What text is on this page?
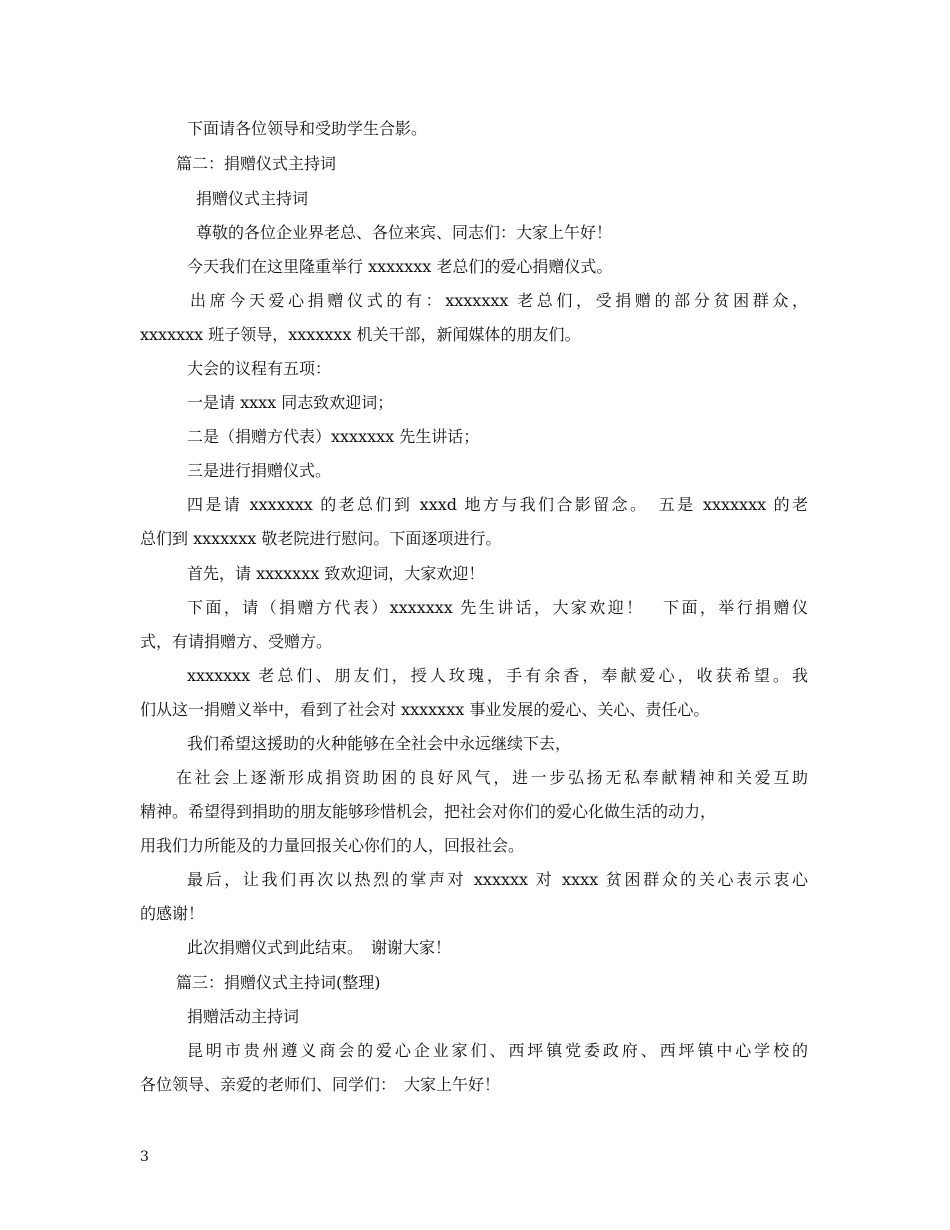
下面请各位领导和受助学生合影。
篇二：捐赠仪式主持词
捐赠仪式主持词
尊敬的各位企业界老总、各位来宾、同志们：大家上午好！
今天我们在这里隆重举行 xxxxxxx 老总们的爱心捐赠仪式。
出席今天爱心捐赠仪式的有：xxxxxxx 老总们，受捐赠的部分贫困群众，
xxxxxxx 班子领导，xxxxxxx 机关干部，新闻媒体的朋友们。
大会的议程有五项：
一是请 xxxx 同志致欢迎词；
二是（捐赠方代表）xxxxxxx 先生讲话；
三是进行捐赠仪式。
四是请 xxxxxxx 的老总们到 xxxd 地方与我们合影留念。　五是 xxxxxxx 的老
总们到 xxxxxxx 敬老院进行慰问。下面逐项进行。
首先，请 xxxxxxx 致欢迎词，大家欢迎！
下面，请（捐赠方代表）xxxxxxx 先生讲话，大家欢迎！　下面，举行捐赠仪
式，有请捐赠方、受赠方。
xxxxxxx 老总们、朋友们，授人玫瑰，手有余香，奉献爱心，收获希望。我
们从这一捐赠义举中，看到了社会对 xxxxxxx 事业发展的爱心、关心、责任心。
我们希望这援助的火种能够在全社会中永远继续下去，
在社会上逐渐形成捐资助困的良好风气，进一步弘扬无私奉献精神和关爱互助
精神。希望得到捐助的朋友能够珍惜机会，把社会对你们的爱心化做生活的动力，
用我们力所能及的力量回报关心你们的人，回报社会。
最后，让我们再次以热烈的掌声对 xxxxxx 对 xxxx 贫困群众的关心表示衷心
的感谢！
此次捐赠仪式到此结束。　谢谢大家！
篇三：捐赠仪式主持词(整理)
捐赠活动主持词
昆明市贵州遵义商会的爱心企业家们、西坪镇党委政府、西坪镇中心学校的
各位领导、亲爱的老师们、同学们：　大家上午好！
3
